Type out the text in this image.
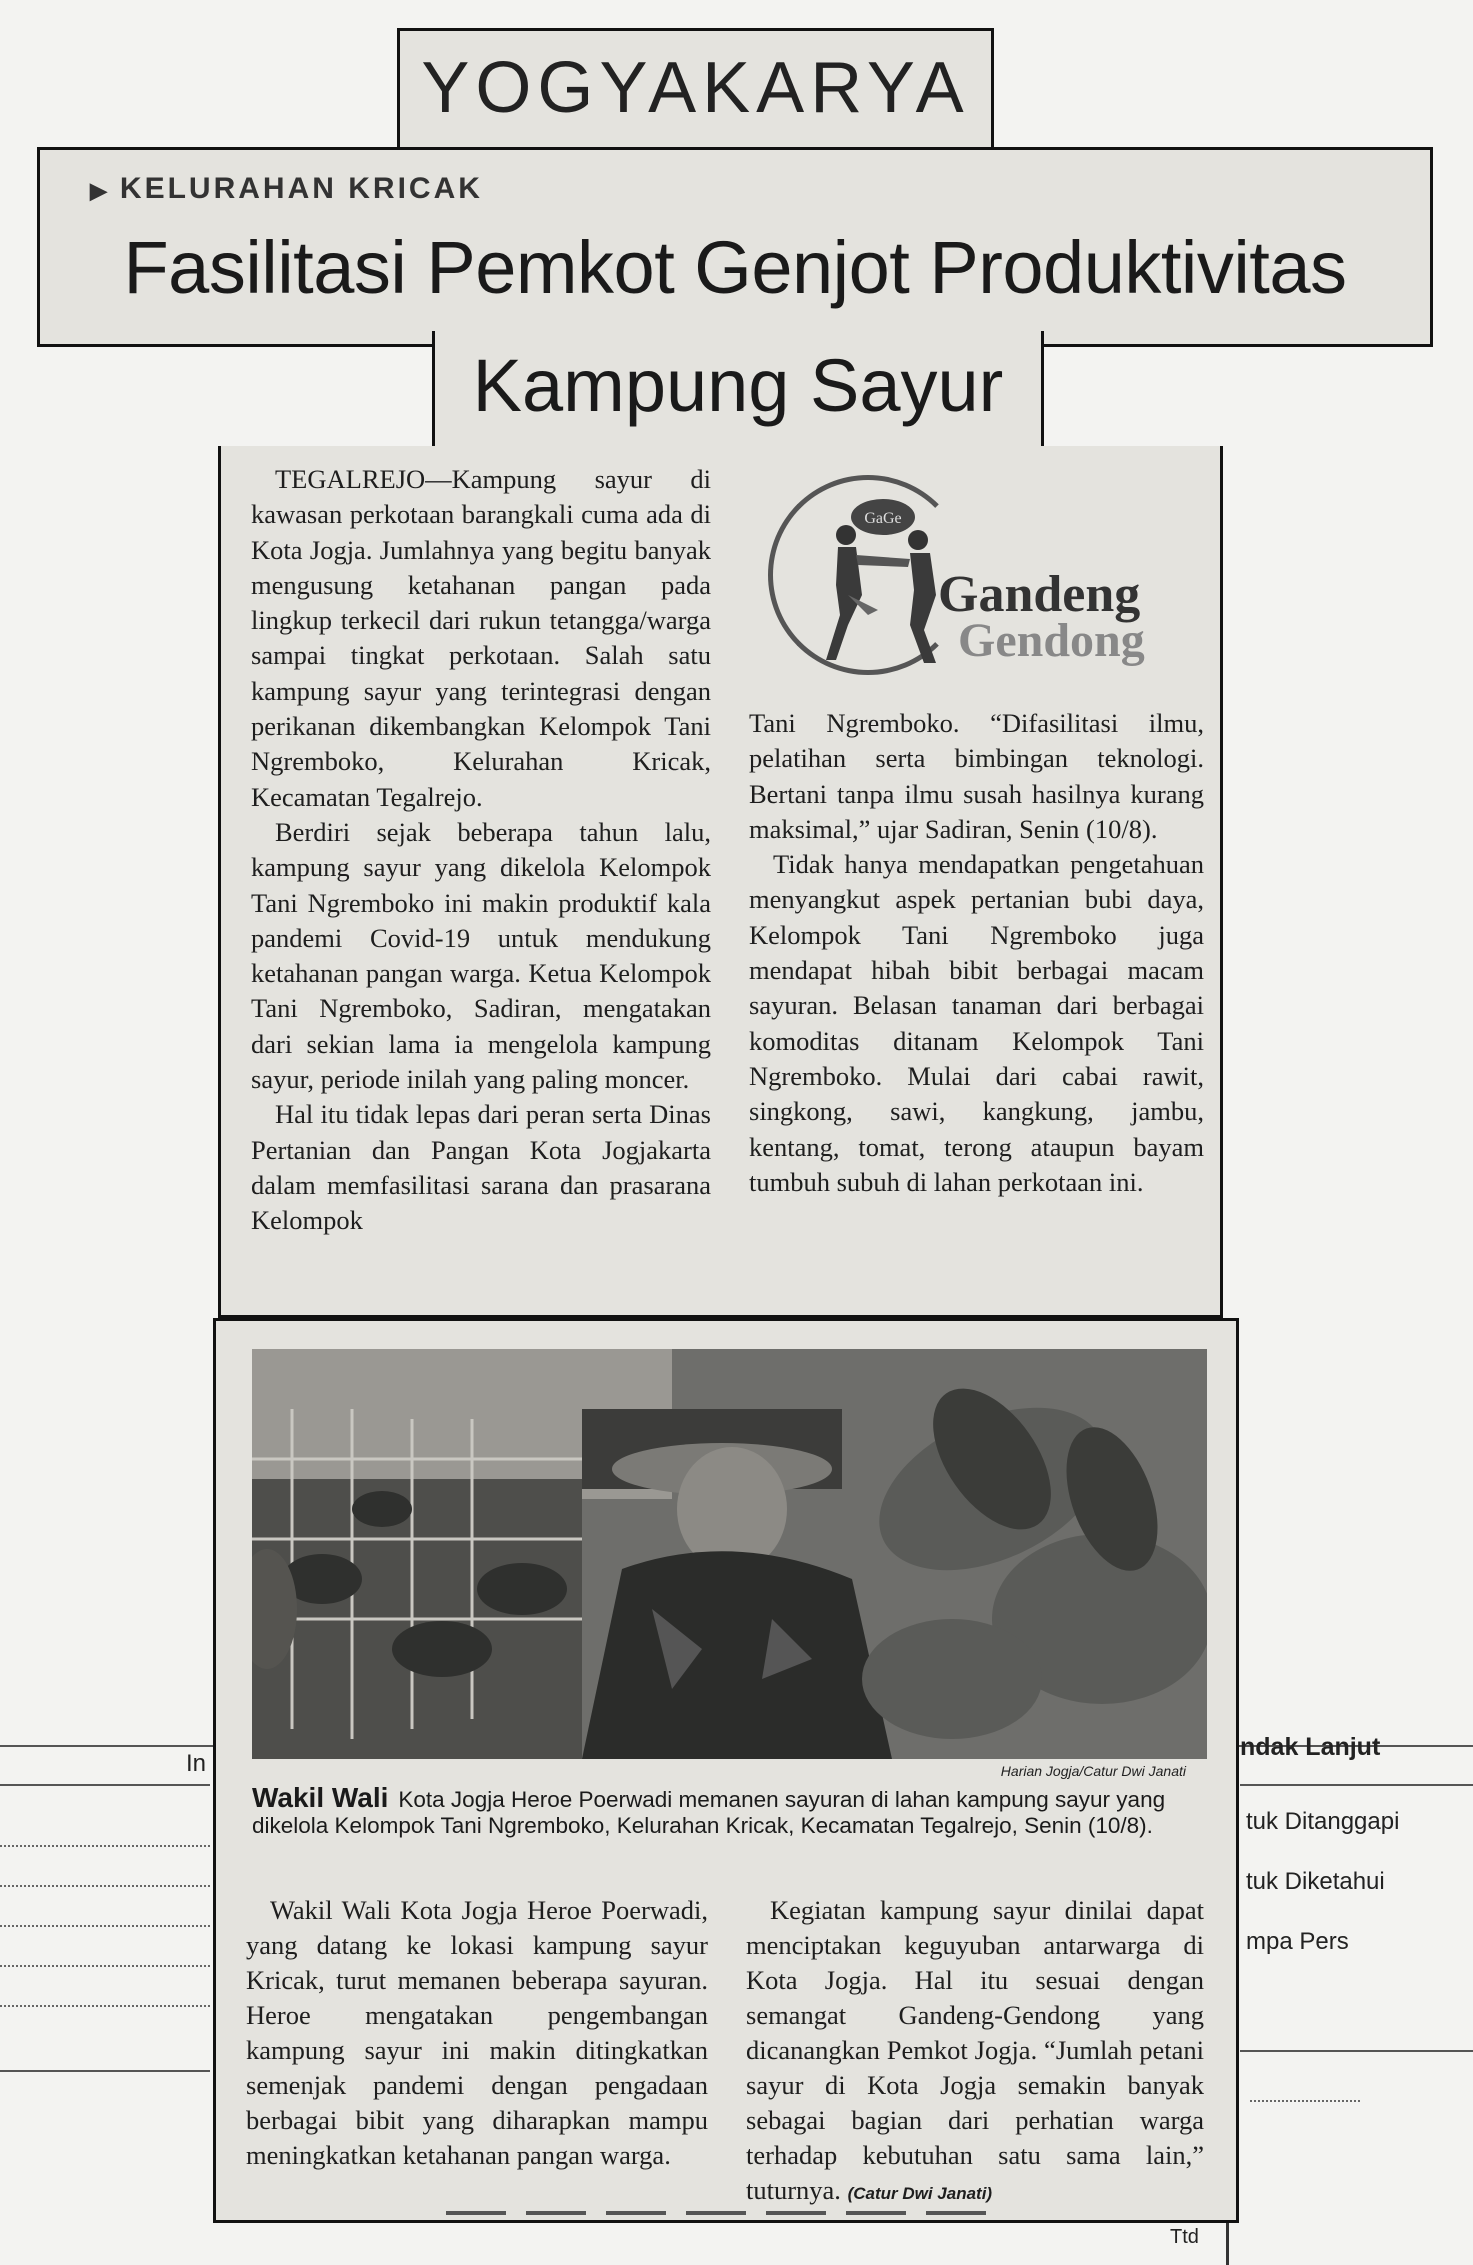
In
ndak Lanjut
tuk Ditanggapi
tuk Diketahui
mpa Pers
Ttd
YOGYAKARYA
▶ KELURAHAN KRICAK
Fasilitasi Pemkot Genjot Produktivitas
Kampung Sayur

TEGALREJO—Kampung sayur di kawasan perkotaan barangkali cuma ada di Kota Jogja. Jumlahnya yang begitu banyak mengusung ketahanan pangan pada lingkup terkecil dari rukun tetangga/warga sampai tingkat perkotaan. Salah satu kampung sayur yang terintegrasi dengan perikanan dikembangkan Kelompok Tani Ngremboko, Kelurahan Kricak, Kecamatan Tegalrejo.

Berdiri sejak beberapa tahun lalu, kampung sayur yang dikelola Kelompok Tani Ngremboko ini makin produktif kala pandemi Covid-19 untuk mendukung ketahanan pangan warga. Ketua Kelompok Tani Ngremboko, Sadiran, mengatakan dari sekian lama ia mengelola kampung sayur, periode inilah yang paling moncer.

Hal itu tidak lepas dari peran serta Dinas Pertanian dan Pangan Kota Jogjakarta dalam memfasilitasi sarana dan prasarana Kelompok

Tani Ngremboko. “Difasilitasi ilmu, pelatihan serta bimbingan teknologi. Bertani tanpa ilmu susah hasilnya kurang maksimal,” ujar Sadiran, Senin (10/8).

Tidak hanya mendapatkan pengetahuan menyangkut aspek pertanian bubi daya, Kelompok Tani Ngremboko juga mendapat hibah bibit berbagai macam sayuran. Belasan tanaman dari berbagai komoditas ditanam Kelompok Tani Ngremboko. Mulai dari cabai rawit, singkong, sawi, kangkung, jambu, kentang, tomat, terong ataupun bayam tumbuh subuh di lahan perkotaan ini.

GaGe
Gandeng
Gendong
Harian Jogja/Catur Dwi Janati
Wakil Wali Kota Jogja Heroe Poerwadi memanen sayuran di lahan kampung sayur yang dikelola Kelompok Tani Ngremboko, Kelurahan Kricak, Kecamatan Tegalrejo, Senin (10/8).

Wakil Wali Kota Jogja Heroe Poerwadi, yang datang ke lokasi kampung sayur Kricak, turut memanen beberapa sayuran. Heroe mengatakan pengembangan kampung sayur ini makin ditingkatkan semenjak pandemi dengan pengadaan berbagai bibit yang diharapkan mampu meningkatkan ketahanan pangan warga.

Kegiatan kampung sayur dinilai dapat menciptakan keguyuban antarwarga di Kota Jogja. Hal itu sesuai dengan semangat Gandeng-Gendong yang dicanangkan Pemkot Jogja. “Jumlah petani sayur di Kota Jogja semakin banyak sebagai bagian dari perhatian warga terhadap kebutuhan satu sama lain,” tuturnya. (Catur Dwi Janati)
